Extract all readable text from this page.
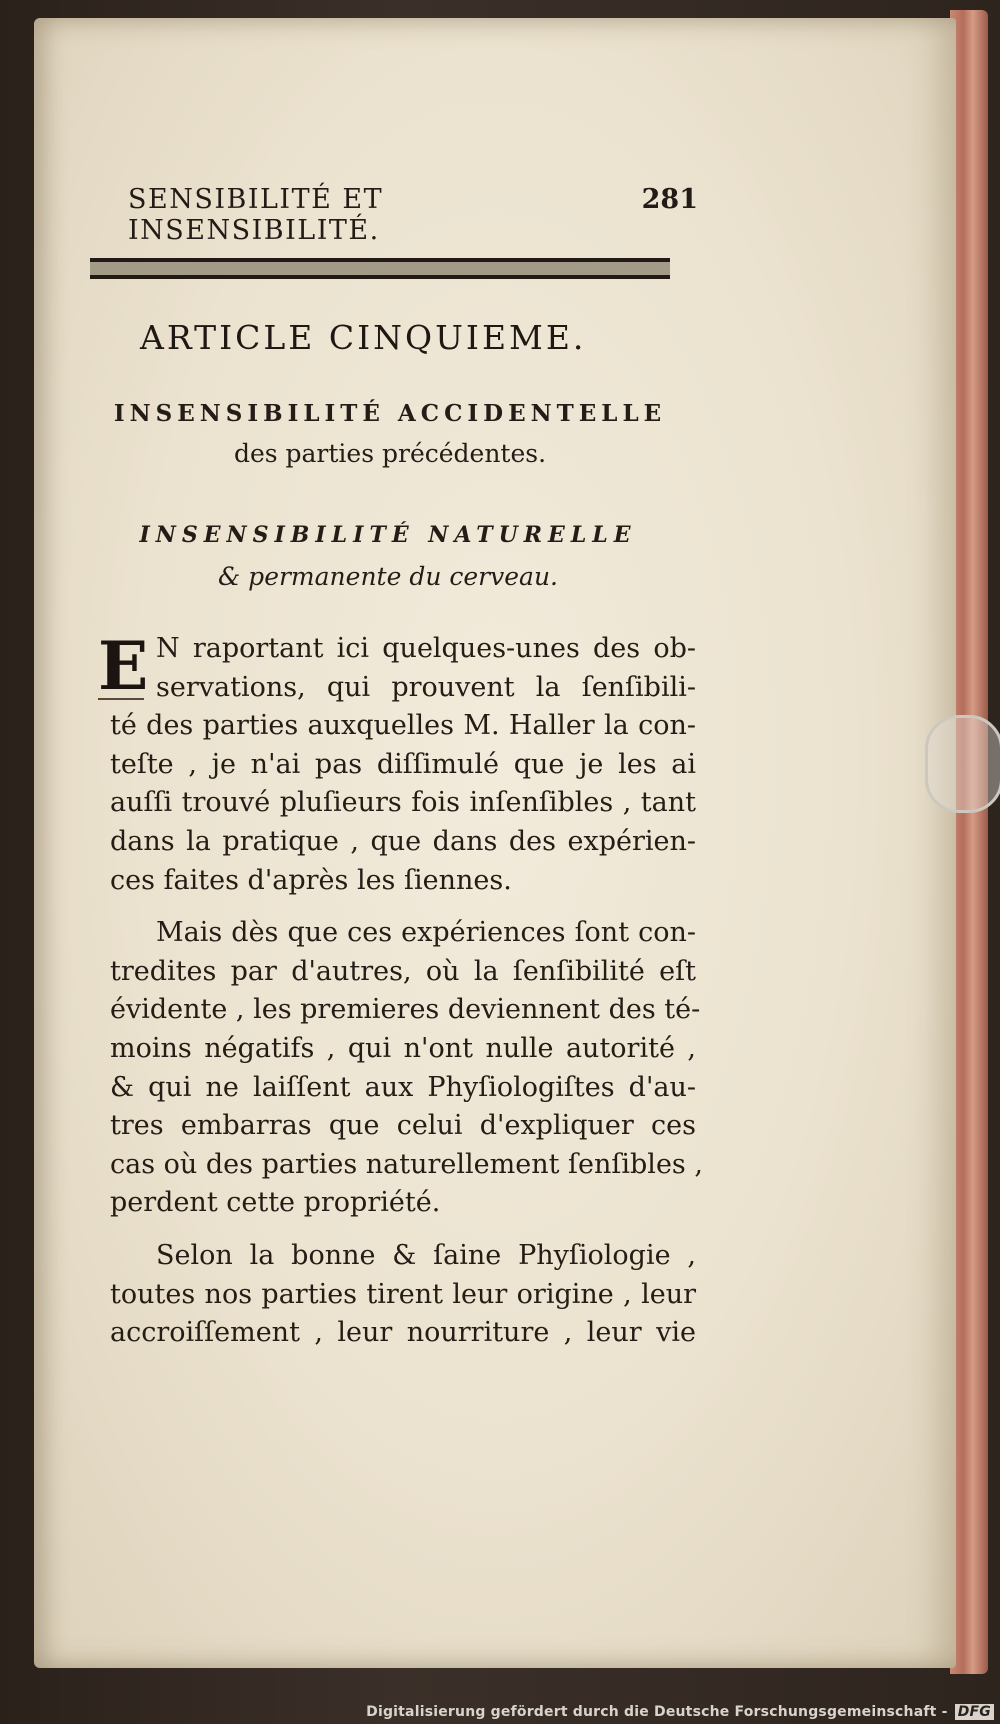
SENSIBILITÉ ET INSENSIBILITÉ.
281
ARTICLE CINQUIEME.
INSENSIBILITÉ ACCIDENTELLE
des parties précédentes.
INSENSIBILITÉ NATURELLE
& permanente du cerveau.
E N raportant ici quelques-unes des ob-
servations, qui prouvent la ſenſibili-
té des parties auxquelles M. Haller la con-
teſte , je n'ai pas diſſimulé que je les ai
auſſi trouvé pluſieurs fois inſenſibles , tant
dans la pratique , que dans des expérien-
ces faites d'après les ſiennes.
Mais dès que ces expériences ſont con-
tredites par d'autres, où la ſenſibilité eſt
évidente , les premieres deviennent des té-
moins négatifs , qui n'ont nulle autorité ,
& qui ne laiſſent aux Phyſiologiſtes d'au-
tres embarras que celui d'expliquer ces
cas où des parties naturellement ſenſibles ,
perdent cette propriété.
Selon la bonne & ſaine Phyſiologie ,
toutes nos parties tirent leur origine , leur
accroiſſement , leur nourriture , leur vie
Digitalisierung gefördert durch die Deutsche Forschungsgemeinschaft - DFG
